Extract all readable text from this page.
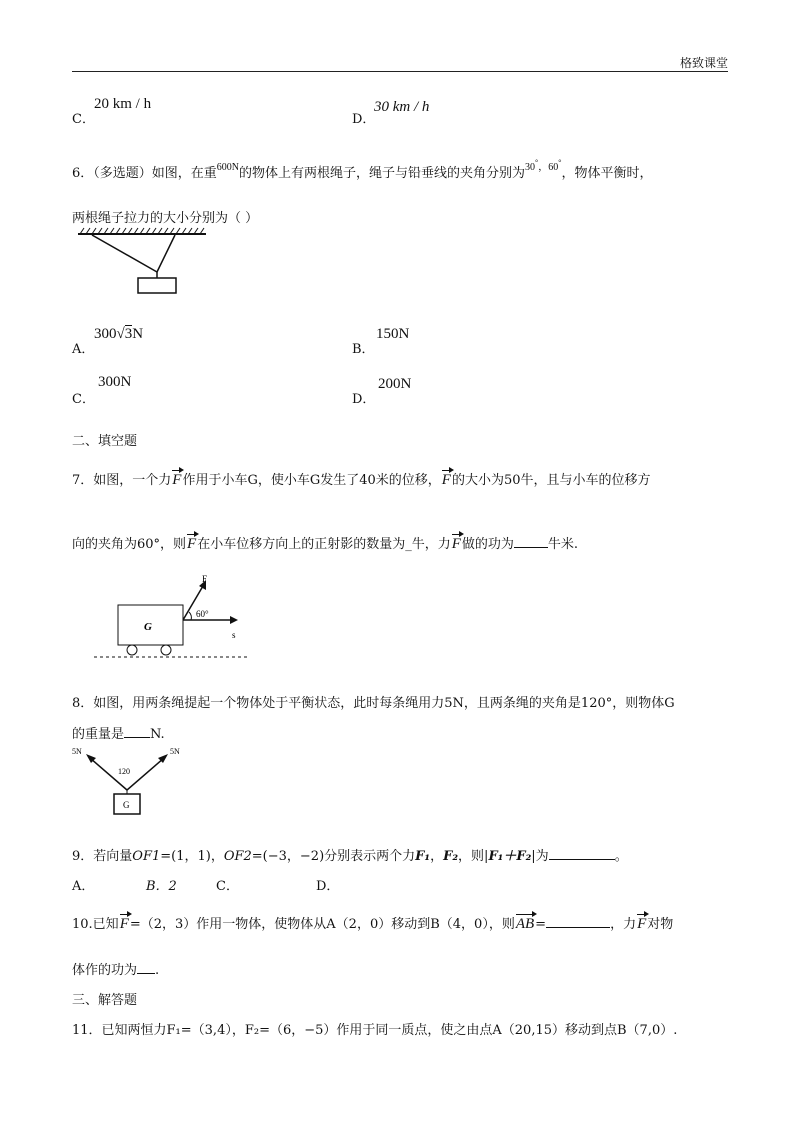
格致课堂
C．
20 km / h
D．
30 km / h
6．（多选题）如图，在重$^{600N}$的物体上有两根绳子，绳子与铅垂线的夹角分别为$^{30^\circ,60^\circ}$，物体平衡时，
两根绳子拉力的大小分别为（ ）
A．
300√3N
B．
150N
C．
300N
D．
200N
二、填空题
7．如图，一个力F作用于小车G，使小车G发生了40米的位移，F的大小为50牛，且与小车的位移方
向的夹角为60°，则F在小车位移方向上的正射影的数量为_牛，力F做的功为	牛米.
G
s
F
60°
8．如图，用两条绳提起一个物体处于平衡状态，此时每条绳用力5N，且两条绳的夹角是120°，则物体G
的重量是 N.
5N	5N
120
G
9．若向量OF1=(1，1)，OF2=(−3，−2)分别表示两个力F₁，F₂，则|F₁＋F₂|为	。
A．	B．2	C．	D．
10.已知F=（2，3）作用一物体，使物体从A（2，0）移动到B（4，0），则AB=	，力F对物
体作的功为 .
三、解答题
11．已知两恒力F₁=（3,4），F₂=（6，−5）作用于同一质点，使之由点A（20,15）移动到点B（7,0）.
